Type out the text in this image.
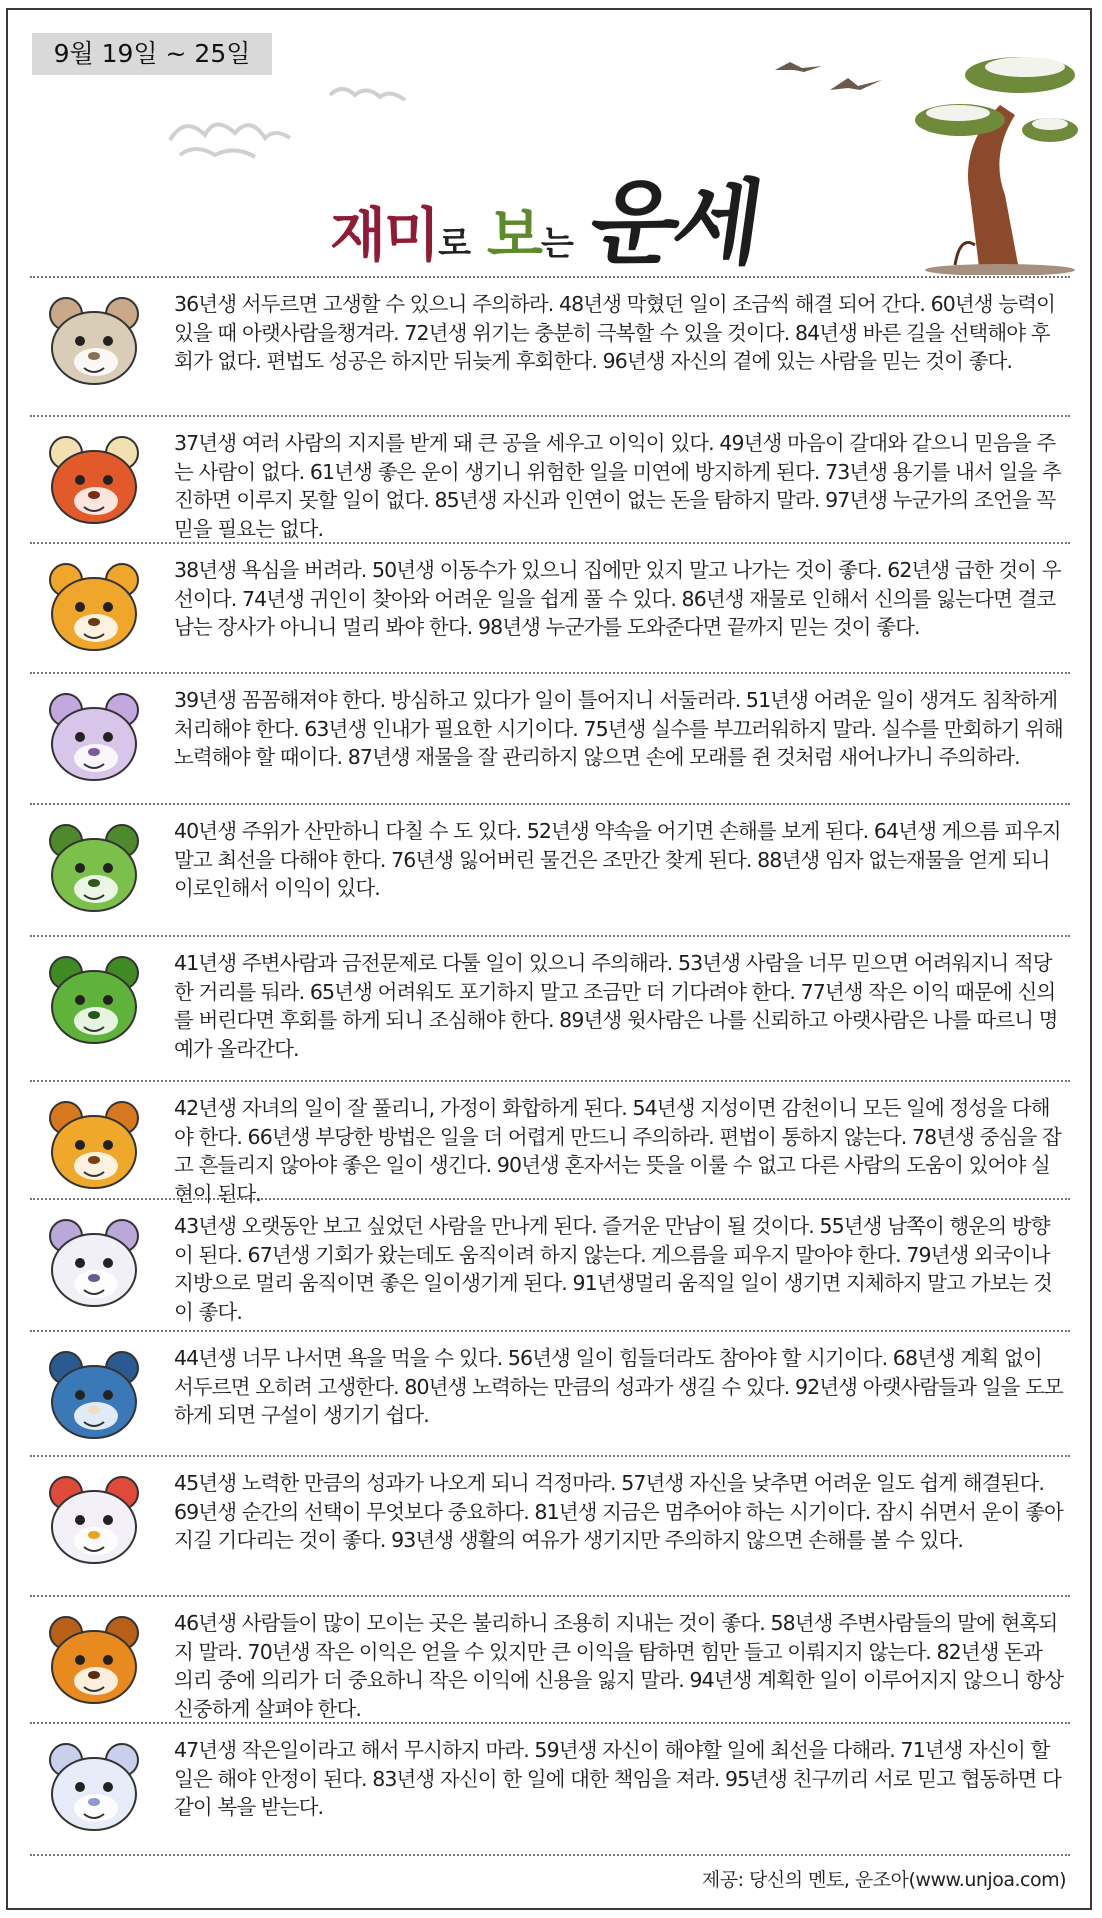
9월 19일 ~ 25일
재미로 보는 운세
36년생 서두르면 고생할 수 있으니 주의하라. 48년생 막혔던 일이 조금씩 해결 되어 간다. 60년생 능력이 있을 때 아랫사람을챙겨라. 72년생 위기는 충분히 극복할 수 있을 것이다. 84년생 바른 길을 선택해야 후회가 없다. 편법도 성공은 하지만 뒤늦게 후회한다. 96년생 자신의 곁에 있는 사람을 믿는 것이 좋다.
37년생 여러 사람의 지지를 받게 돼 큰 공을 세우고 이익이 있다. 49년생 마음이 갈대와 같으니 믿음을 주는 사람이 없다. 61년생 좋은 운이 생기니 위험한 일을 미연에 방지하게 된다. 73년생 용기를 내서 일을 추진하면 이루지 못할 일이 없다. 85년생 자신과 인연이 없는 돈을 탐하지 말라. 97년생 누군가의 조언을 꼭 믿을 필요는 없다.
38년생 욕심을 버려라. 50년생 이동수가 있으니 집에만 있지 말고 나가는 것이 좋다. 62년생 급한 것이 우선이다. 74년생 귀인이 찾아와 어려운 일을 쉽게 풀 수 있다. 86년생 재물로 인해서 신의를 잃는다면 결코 남는 장사가 아니니 멀리 봐야 한다. 98년생 누군가를 도와준다면 끝까지 믿는 것이 좋다.
39년생 꼼꼼해져야 한다. 방심하고 있다가 일이 틀어지니 서둘러라. 51년생 어려운 일이 생겨도 침착하게 처리해야 한다. 63년생 인내가 필요한 시기이다. 75년생 실수를 부끄러워하지 말라. 실수를 만회하기 위해 노력해야 할 때이다. 87년생 재물을 잘 관리하지 않으면 손에 모래를 쥔 것처럼 새어나가니 주의하라.
40년생 주위가 산만하니 다칠 수 도 있다. 52년생 약속을 어기면 손해를 보게 된다. 64년생 게으름 피우지 말고 최선을 다해야 한다. 76년생 잃어버린 물건은 조만간 찾게 된다. 88년생 임자 없는재물을 얻게 되니 이로인해서 이익이 있다.
41년생 주변사람과 금전문제로 다툴 일이 있으니 주의해라. 53년생 사람을 너무 믿으면 어려워지니 적당한 거리를 둬라. 65년생 어려워도 포기하지 말고 조금만 더 기다려야 한다. 77년생 작은 이익 때문에 신의를 버린다면 후회를 하게 되니 조심해야 한다. 89년생 윗사람은 나를 신뢰하고 아랫사람은 나를 따르니 명예가 올라간다.
42년생 자녀의 일이 잘 풀리니, 가정이 화합하게 된다. 54년생 지성이면 감천이니 모든 일에 정성을 다해야 한다. 66년생 부당한 방법은 일을 더 어렵게 만드니 주의하라. 편법이 통하지 않는다. 78년생 중심을 잡고 흔들리지 않아야 좋은 일이 생긴다. 90년생 혼자서는 뜻을 이룰 수 없고 다른 사람의 도움이 있어야 실현이 된다.
43년생 오랫동안 보고 싶었던 사람을 만나게 된다. 즐거운 만남이 될 것이다. 55년생 남쪽이 행운의 방향이 된다. 67년생 기회가 왔는데도 움직이려 하지 않는다. 게으름을 피우지 말아야 한다. 79년생 외국이나 지방으로 멀리 움직이면 좋은 일이생기게 된다. 91년생멀리 움직일 일이 생기면 지체하지 말고 가보는 것이 좋다.
44년생 너무 나서면 욕을 먹을 수 있다. 56년생 일이 힘들더라도 참아야 할 시기이다. 68년생 계획 없이 서두르면 오히려 고생한다. 80년생 노력하는 만큼의 성과가 생길 수 있다. 92년생 아랫사람들과 일을 도모하게 되면 구설이 생기기 쉽다.
45년생 노력한 만큼의 성과가 나오게 되니 걱정마라. 57년생 자신을 낮추면 어려운 일도 쉽게 해결된다. 69년생 순간의 선택이 무엇보다 중요하다. 81년생 지금은 멈추어야 하는 시기이다. 잠시 쉬면서 운이 좋아지길 기다리는 것이 좋다. 93년생 생활의 여유가 생기지만 주의하지 않으면 손해를 볼 수 있다.
46년생 사람들이 많이 모이는 곳은 불리하니 조용히 지내는 것이 좋다. 58년생 주변사람들의 말에 현혹되지 말라. 70년생 작은 이익은 얻을 수 있지만 큰 이익을 탐하면 힘만 들고 이뤄지지 않는다. 82년생 돈과 의리 중에 의리가 더 중요하니 작은 이익에 신용을 잃지 말라. 94년생 계획한 일이 이루어지지 않으니 항상 신중하게 살펴야 한다.
47년생 작은일이라고 해서 무시하지 마라. 59년생 자신이 해야할 일에 최선을 다해라. 71년생 자신이 할 일은 해야 안정이 된다. 83년생 자신이 한 일에 대한 책임을 져라. 95년생 친구끼리 서로 믿고 협동하면 다 같이 복을 받는다.
제공: 당신의 멘토, 운조아(www.unjoa.com)
